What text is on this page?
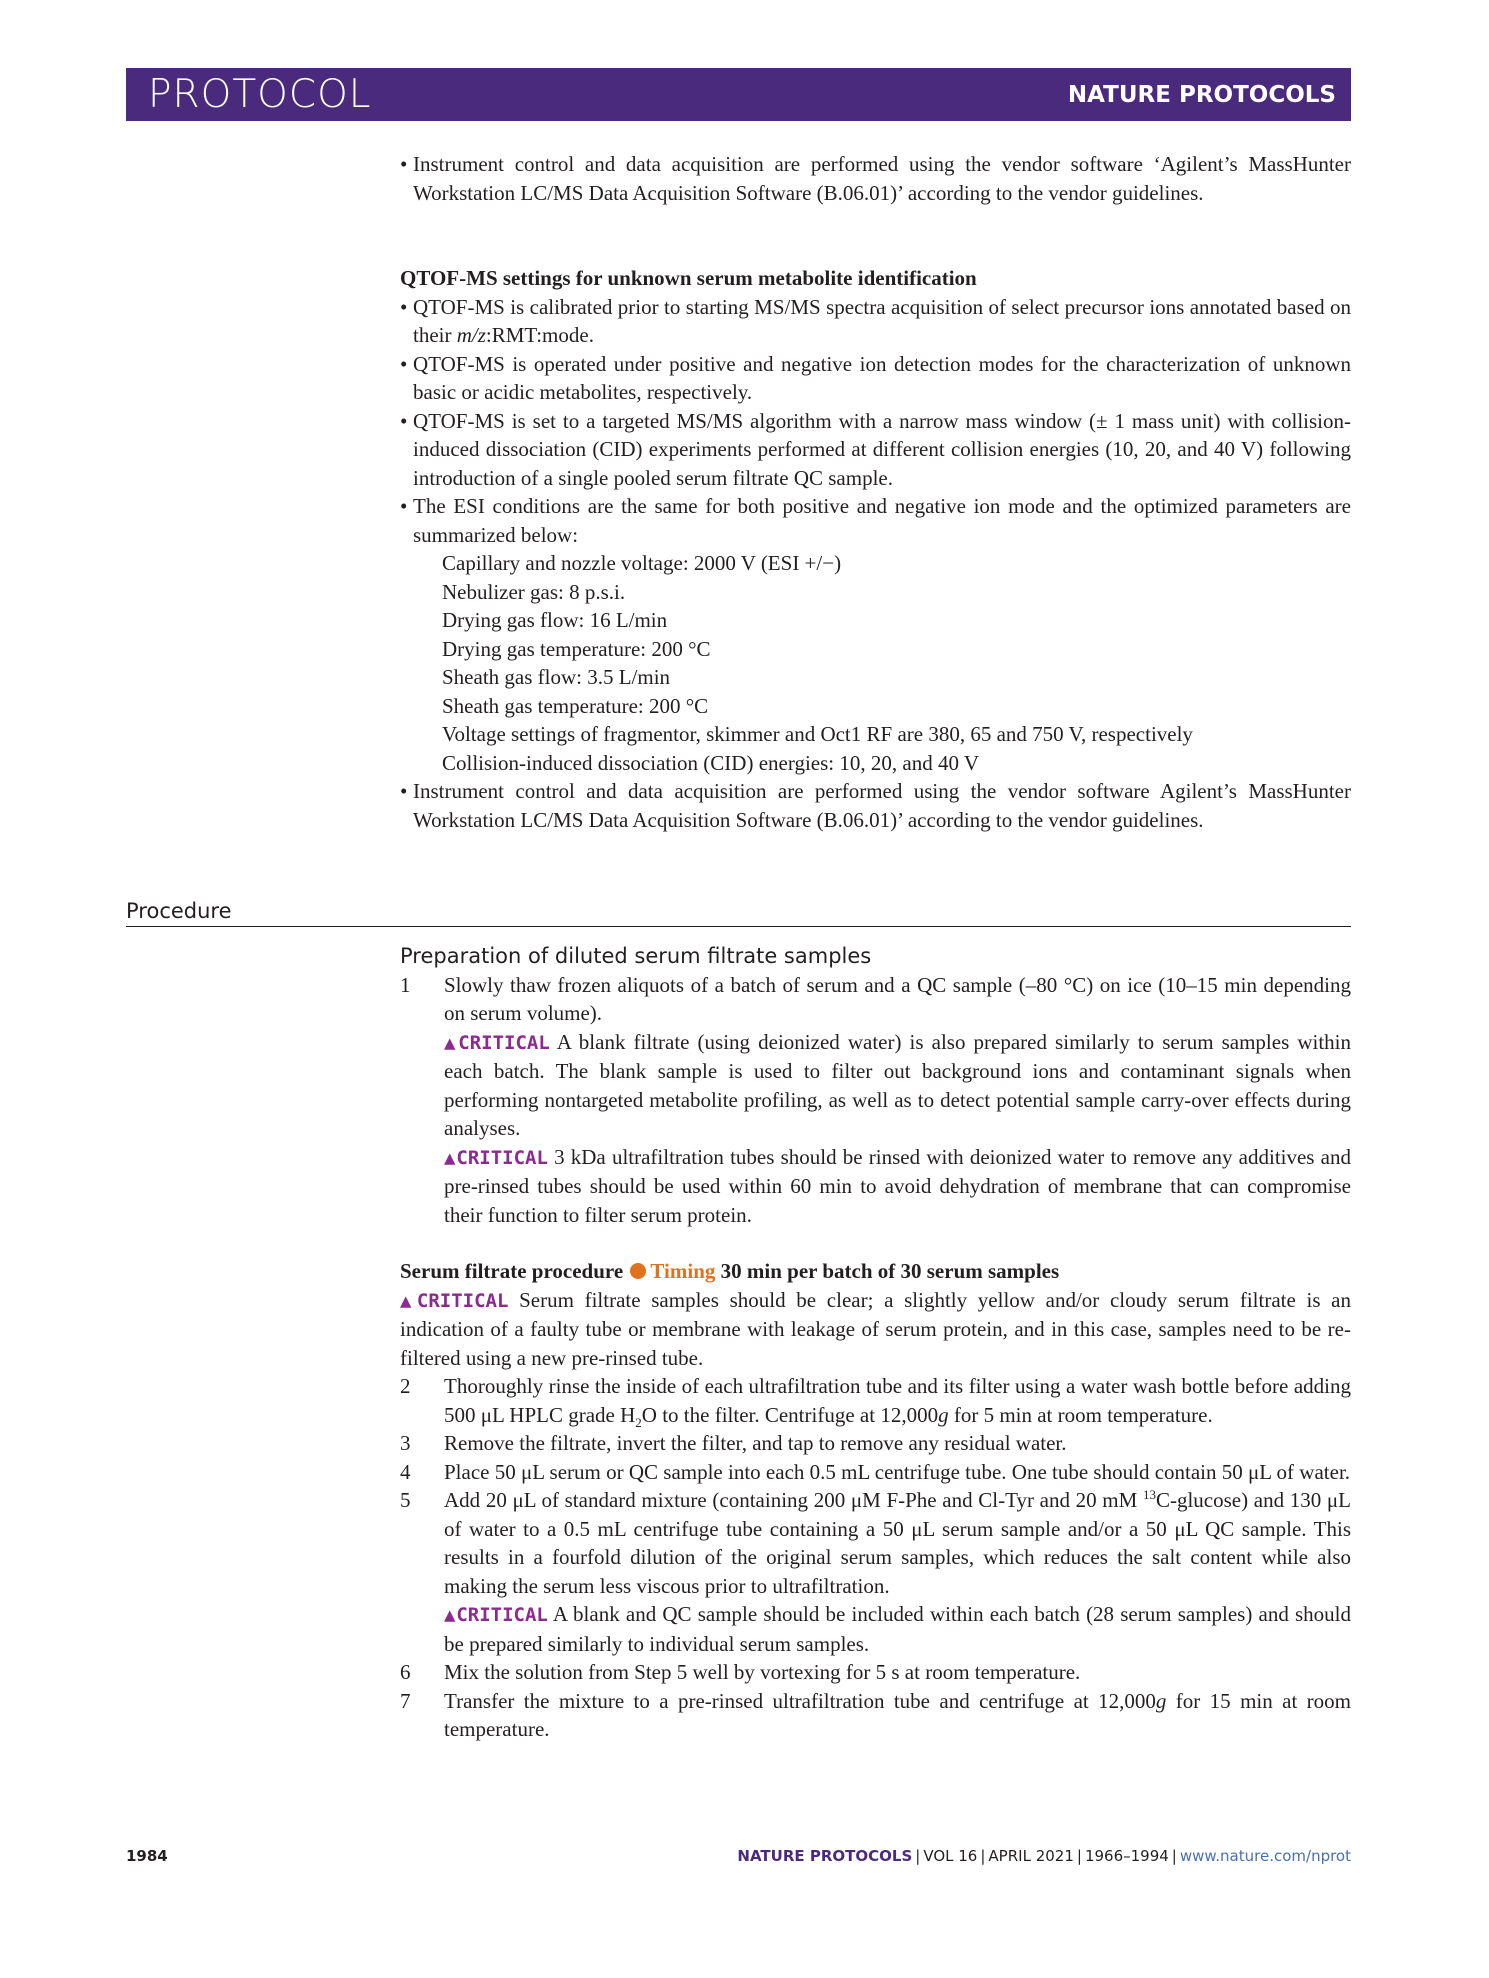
PROTOCOL	NATURE PROTOCOLS

• Instrument control and data acquisition are performed using the vendor software ‘Agilent’s MassHunter Workstation LC/MS Data Acquisition Software (B.06.01)’ according to the vendor guidelines.

QTOF-MS settings for unknown serum metabolite identification

• QTOF-MS is calibrated prior to starting MS/MS spectra acquisition of select precursor ions annotated based on their m/z:RMT:mode.

• QTOF-MS is operated under positive and negative ion detection modes for the characterization of unknown basic or acidic metabolites, respectively.

• QTOF-MS is set to a targeted MS/MS algorithm with a narrow mass window (± 1 mass unit) with collision-induced dissociation (CID) experiments performed at different collision energies (10, 20, and 40 V) following introduction of a single pooled serum filtrate QC sample.

• The ESI conditions are the same for both positive and negative ion mode and the optimized parameters are summarized below:

Capillary and nozzle voltage: 2000 V (ESI +/−)
Nebulizer gas: 8 p.s.i.
Drying gas flow: 16 L/min
Drying gas temperature: 200 °C
Sheath gas flow: 3.5 L/min
Sheath gas temperature: 200 °C
Voltage settings of fragmentor, skimmer and Oct1 RF are 380, 65 and 750 V, respectively
Collision-induced dissociation (CID) energies: 10, 20, and 40 V

• Instrument control and data acquisition are performed using the vendor software Agilent’s MassHunter Workstation LC/MS Data Acquisition Software (B.06.01)’ according to the vendor guidelines.

Procedure
Preparation of diluted serum filtrate samples

1 Slowly thaw frozen aliquots of a batch of serum and a QC sample (–80 °C) on ice (10–15 min depending on serum volume).

▲CRITICAL A blank filtrate (using deionized water) is also prepared similarly to serum samples within each batch. The blank sample is used to filter out background ions and contaminant signals when performing nontargeted metabolite profiling, as well as to detect potential sample carry-over effects during analyses.

▲CRITICAL 3 kDa ultrafiltration tubes should be rinsed with deionized water to remove any additives and pre-rinsed tubes should be used within 60 min to avoid dehydration of membrane that can compromise their function to filter serum protein.

Serum filtrate procedure Timing 30 min per batch of 30 serum samples

▲CRITICAL Serum filtrate samples should be clear; a slightly yellow and/or cloudy serum filtrate is an indication of a faulty tube or membrane with leakage of serum protein, and in this case, samples need to be re-filtered using a new pre-rinsed tube.

2 Thoroughly rinse the inside of each ultrafiltration tube and its filter using a water wash bottle before adding 500 μL HPLC grade $H_2O$ to the filter. Centrifuge at 12,000g for 5 min at room temperature.

3 Remove the filtrate, invert the filter, and tap to remove any residual water.

4 Place 50 μL serum or QC sample into each 0.5 mL centrifuge tube. One tube should contain 50 μL of water.

5 Add 20 μL of standard mixture (containing 200 μM F-Phe and Cl-Tyr and 20 mM $^{13}$C-glucose) and 130 μL of water to a 0.5 mL centrifuge tube containing a 50 μL serum sample and/or a 50 μL QC sample. This results in a fourfold dilution of the original serum samples, which reduces the salt content while also making the serum less viscous prior to ultrafiltration.

▲CRITICAL A blank and QC sample should be included within each batch (28 serum samples) and should be prepared similarly to individual serum samples.

6 Mix the solution from Step 5 well by vortexing for 5 s at room temperature.

7 Transfer the mixture to a pre-rinsed ultrafiltration tube and centrifuge at 12,000g for 15 min at room temperature.

1984	NATURE PROTOCOLS | VOL 16 | APRIL 2021 | 1966–1994 | www.nature.com/nprot
